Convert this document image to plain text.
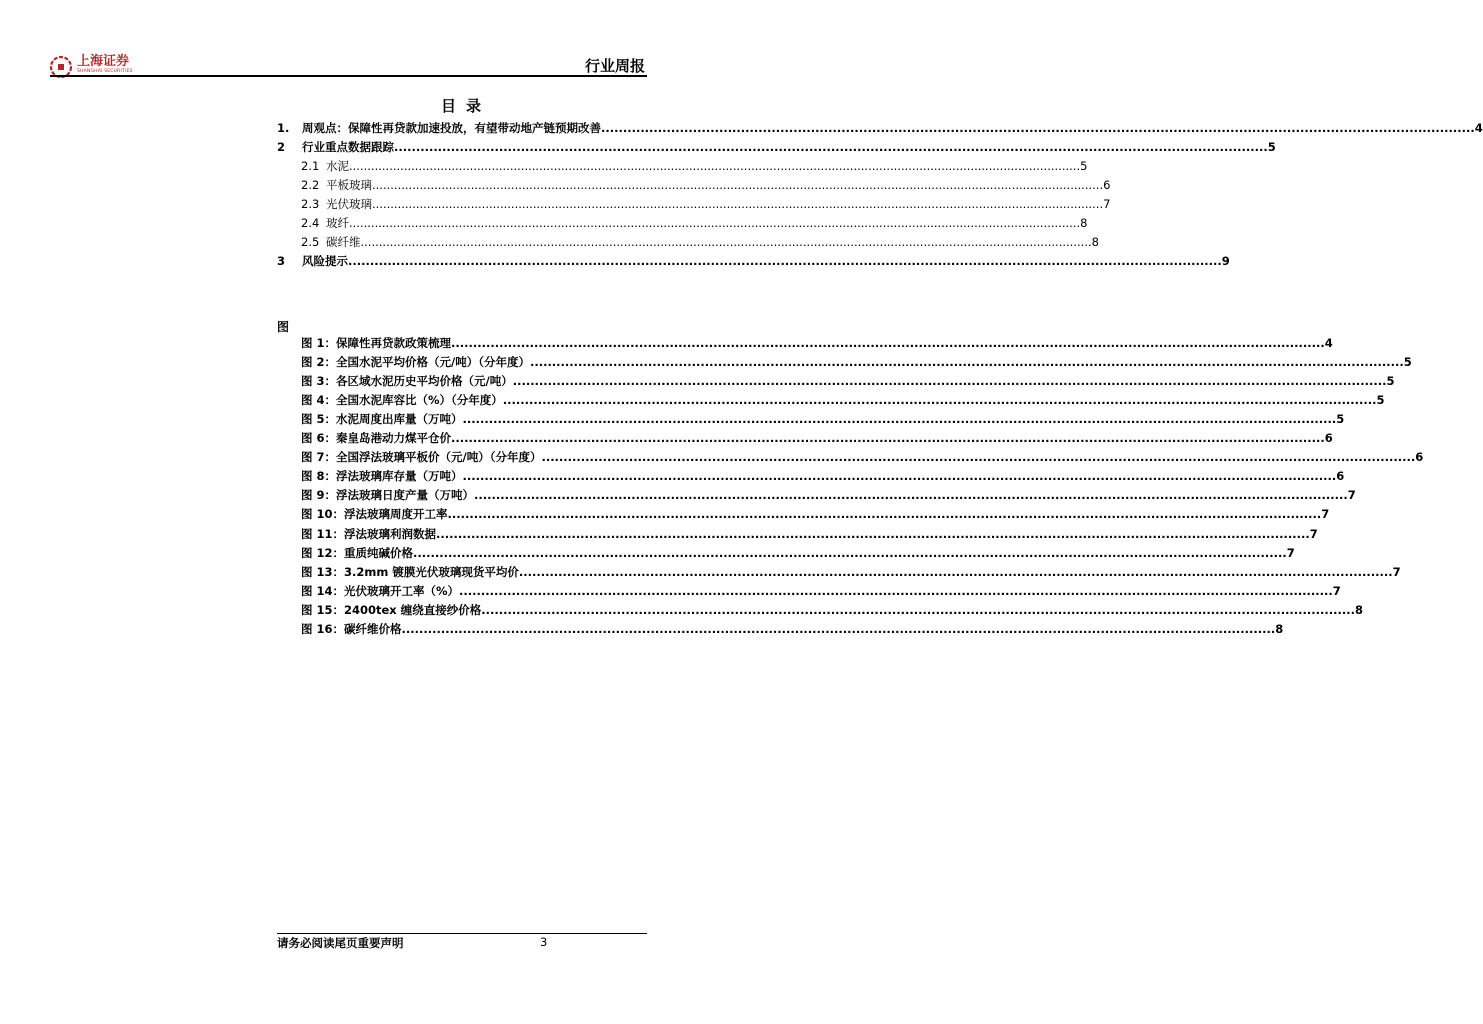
上海证券
SHANGHAI SECURITIES	行业周报
目录
1. 周观点：保障性再贷款加速投放，有望带动地产链预期改善 ........................................................................................................................................................................................................ 4
2 行业重点数据跟踪 ........................................................................................................................................................................................................ 5
2.1 水泥 ........................................................................................................................................................................................................ 5
2.2 平板玻璃 ........................................................................................................................................................................................................ 6
2.3 光伏玻璃 ........................................................................................................................................................................................................ 7
2.4 玻纤 ........................................................................................................................................................................................................ 8
2.5 碳纤维 ........................................................................................................................................................................................................ 8
3 风险提示 ........................................................................................................................................................................................................ 9
图
图 1：保障性再贷款政策梳理 ........................................................................................................................................................................................................ 4
图 2：全国水泥平均价格（元/吨）（分年度） ........................................................................................................................................................................................................ 5
图 3：各区域水泥历史平均价格（元/吨） ........................................................................................................................................................................................................ 5
图 4：全国水泥库容比（%）（分年度） ........................................................................................................................................................................................................ 5
图 5：水泥周度出库量（万吨） ........................................................................................................................................................................................................ 5
图 6：秦皇岛港动力煤平仓价 ........................................................................................................................................................................................................ 6
图 7：全国浮法玻璃平板价（元/吨）（分年度） ........................................................................................................................................................................................................ 6
图 8：浮法玻璃库存量（万吨） ........................................................................................................................................................................................................ 6
图 9：浮法玻璃日度产量（万吨） ........................................................................................................................................................................................................ 7
图 10：浮法玻璃周度开工率 ........................................................................................................................................................................................................ 7
图 11：浮法玻璃利润数据 ........................................................................................................................................................................................................ 7
图 12：重质纯碱价格 ........................................................................................................................................................................................................ 7
图 13：3.2mm 镀膜光伏玻璃现货平均价 ........................................................................................................................................................................................................ 7
图 14：光伏玻璃开工率（%） ........................................................................................................................................................................................................ 7
图 15：2400tex 缠绕直接纱价格 ........................................................................................................................................................................................................ 8
图 16：碳纤维价格 ........................................................................................................................................................................................................ 8
请务必阅读尾页重要声明	3
